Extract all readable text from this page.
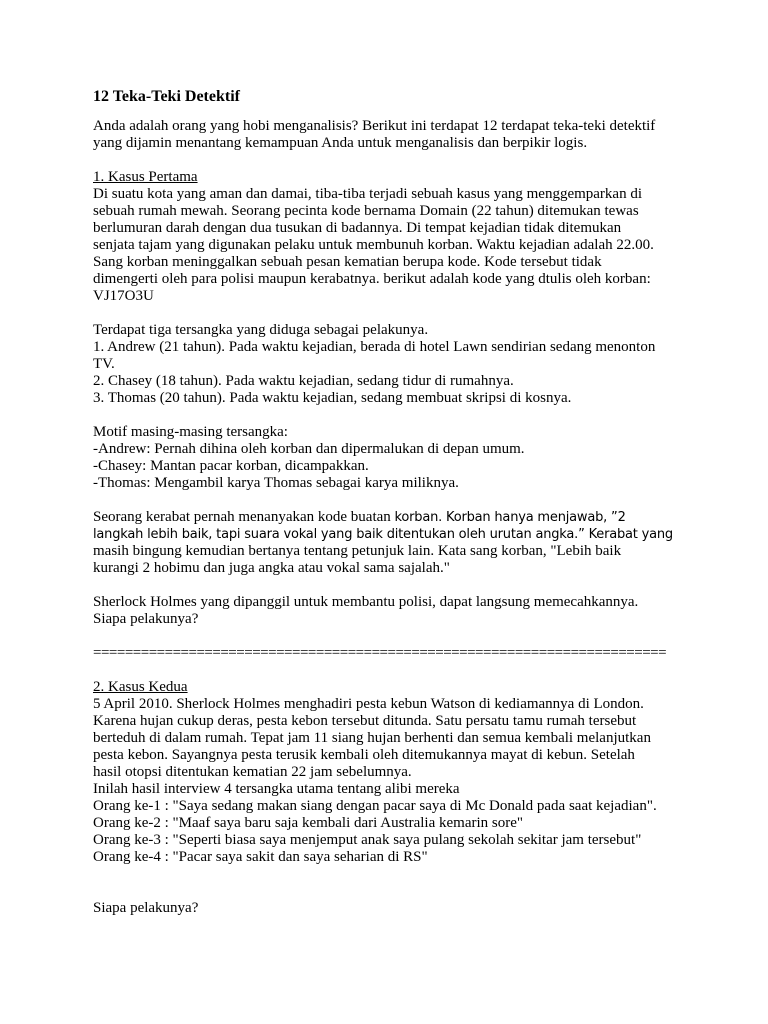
12 Teka-Teki Detektif
Anda adalah orang yang hobi menganalisis? Berikut ini terdapat 12 terdapat teka-teki detektif
yang dijamin menantang kemampuan Anda untuk menganalisis dan berpikir logis.
1. Kasus Pertama
Di suatu kota yang aman dan damai, tiba-tiba terjadi sebuah kasus yang menggemparkan di
sebuah rumah mewah. Seorang pecinta kode bernama Domain (22 tahun) ditemukan tewas
berlumuran darah dengan dua tusukan di badannya. Di tempat kejadian tidak ditemukan
senjata tajam yang digunakan pelaku untuk membunuh korban. Waktu kejadian adalah 22.00.
Sang korban meninggalkan sebuah pesan kematian berupa kode. Kode tersebut tidak
dimengerti oleh para polisi maupun kerabatnya. berikut adalah kode yang dtulis oleh korban:
VJ17O3U
Terdapat tiga tersangka yang diduga sebagai pelakunya.
1. Andrew (21 tahun). Pada waktu kejadian, berada di hotel Lawn sendirian sedang menonton
TV.
2. Chasey (18 tahun). Pada waktu kejadian, sedang tidur di rumahnya.
3. Thomas (20 tahun). Pada waktu kejadian, sedang membuat skripsi di kosnya.
Motif masing-masing tersangka:
-Andrew: Pernah dihina oleh korban dan dipermalukan di depan umum.
-Chasey: Mantan pacar korban, dicampakkan.
-Thomas: Mengambil karya Thomas sebagai karya miliknya.
Seorang kerabat pernah menanyakan kode buatan korban. Korban hanya menjawab, ”2
langkah lebih baik, tapi suara vokal yang baik ditentukan oleh urutan angka.” Kerabat yang
masih bingung kemudian bertanya tentang petunjuk lain. Kata sang korban, "Lebih baik
kurangi 2 hobimu dan juga angka atau vokal sama sajalah."
Sherlock Holmes yang dipanggil untuk membantu polisi, dapat langsung memecahkannya.
Siapa pelakunya?
========================================================================
2. Kasus Kedua
5 April 2010. Sherlock Holmes menghadiri pesta kebun Watson di kediamannya di London.
Karena hujan cukup deras, pesta kebon tersebut ditunda. Satu persatu tamu rumah tersebut
berteduh di dalam rumah. Tepat jam 11 siang hujan berhenti dan semua kembali melanjutkan
pesta kebon. Sayangnya pesta terusik kembali oleh ditemukannya mayat di kebun. Setelah
hasil otopsi ditentukan kematian 22 jam sebelumnya.
Inilah hasil interview 4 tersangka utama tentang alibi mereka
Orang ke-1 : "Saya sedang makan siang dengan pacar saya di Mc Donald pada saat kejadian".
Orang ke-2 : "Maaf saya baru saja kembali dari Australia kemarin sore"
Orang ke-3 : "Seperti biasa saya menjemput anak saya pulang sekolah sekitar jam tersebut"
Orang ke-4 : "Pacar saya sakit dan saya seharian di RS"
Siapa pelakunya?
